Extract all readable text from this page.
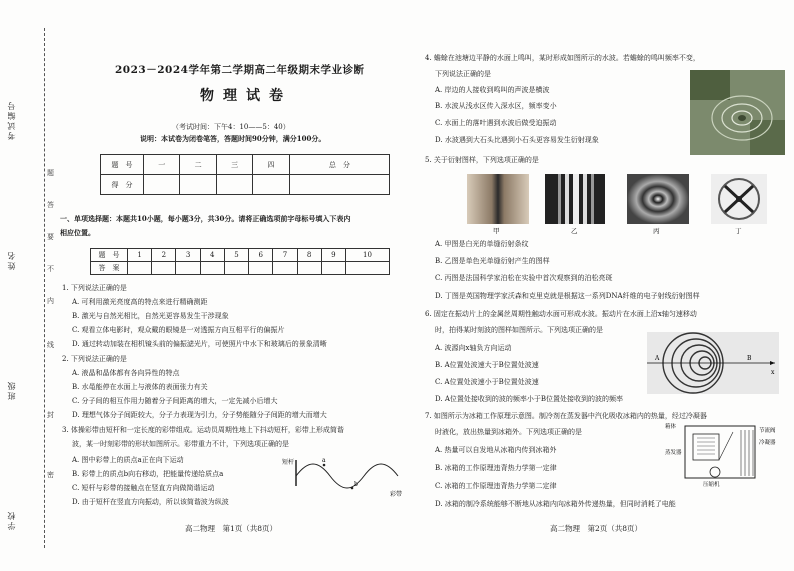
考试编号
姓名
班级
学校
题
答
要
不
内
线
封
密
2023－2024学年第二学期高二年级期末学业诊断
物理试卷
（考试时间：下午4：10——5：40）
说明：本试卷为闭卷笔答，答题时间90分钟，满分100分。
题　号	一	二	三	四	总　分
得　分					
一、单项选择题：本题共10小题，每小题3分，共30分。请将正确选项前字母标号填入下表内
相应位置。
题　号	1	2	3	4	5	6	7	8	9	10
答　案										
1. 下列说法正确的是
A. 可利用激光亮度高的特点来进行精确测距
B. 激光与自然光相比，自然光更容易发生干涉现象
C. 观看立体电影时，观众戴的眼镜是一对透振方向互相平行的偏振片
D. 通过转动加装在相机镜头前的偏振滤光片，可使照片中水下和玻璃后的景象清晰
2. 下列说法正确的是
A. 液晶和晶体都有各向异性的特点
B. 水黾能停在水面上与液体的表面张力有关
C. 分子间的相互作用力随着分子间距离的增大，一定先减小后增大
D. 理想气体分子间距较大，分子力表现为引力，分子势能随分子间距的增大而增大
3. 体操彩带由短杆和一定长度的彩带组成。运动员周期性地上下抖动短杆，彩带上形成简谐
波，某一时刻彩带的形状如图所示。彩带重力不计，下列选项正确的是
A. 图中彩带上的质点a正在向下运动
B. 彩带上的质点b向右移动，把能量传递给质点a
C. 短杆与彩带的接触点在竖直方向做简谐运动
D. 由于短杆在竖直方向振动，所以该简谐波为纵波
短杆	a
b
彩带
高二物理　第1页（共8页）
4. 蟾蜍在池塘边平静的水面上鸣叫，某时形成如图所示的水波。若蟾蜍的鸣叫频率不变，
下列说法正确的是
A. 岸边的人接收到鸣叫的声波是横波
B. 水波从浅水区传入深水区，频率变小
C. 水面上的落叶遇到水波后做受迫振动
D. 水波遇到大石头比遇到小石头更容易发生衍射现象
5. 关于衍射图样，下列选项正确的是
甲	乙	丙	丁
A. 甲图是白光的单缝衍射条纹
B. 乙图是单色光单缝衍射产生的图样
C. 丙图是法国科学家泊松在实验中首次观察到的泊松亮斑
D. 丁图是英国物理学家沃森和克里克就是根据这一系列DNA纤维的电子射线衍射图样
6. 固定在振动片上的金属丝周期性触动水面可形成水波。振动片在水面上沿x轴匀速移动
时，拍得某时刻波的图样如图所示。下列选项正确的是
A. 波源向x轴负方向运动
B. A位置处波速大于B位置处波速
C. A位置处波速小于B位置处波速
D. A位置处接收到的波的频率小于B位置处接收到的波的频率
A	B
x
7. 如图所示为冰箱工作原理示意图。制冷剂在蒸发器中汽化吸收冰箱内的热量，经过冷凝器
时液化，放出热量到冰箱外。下列选项正确的是
A. 热量可以自发地从冰箱内传到冰箱外
B. 冰箱的工作原理违背热力学第一定律
C. 冰箱的工作原理违背热力学第二定律
D. 冰箱的制冷系统能够不断地从冰箱内向冰箱外传递热量，但同时消耗了电能
箱体
节流阀
蒸发器
冷凝器
压缩机
高二物理　第2页（共8页）
